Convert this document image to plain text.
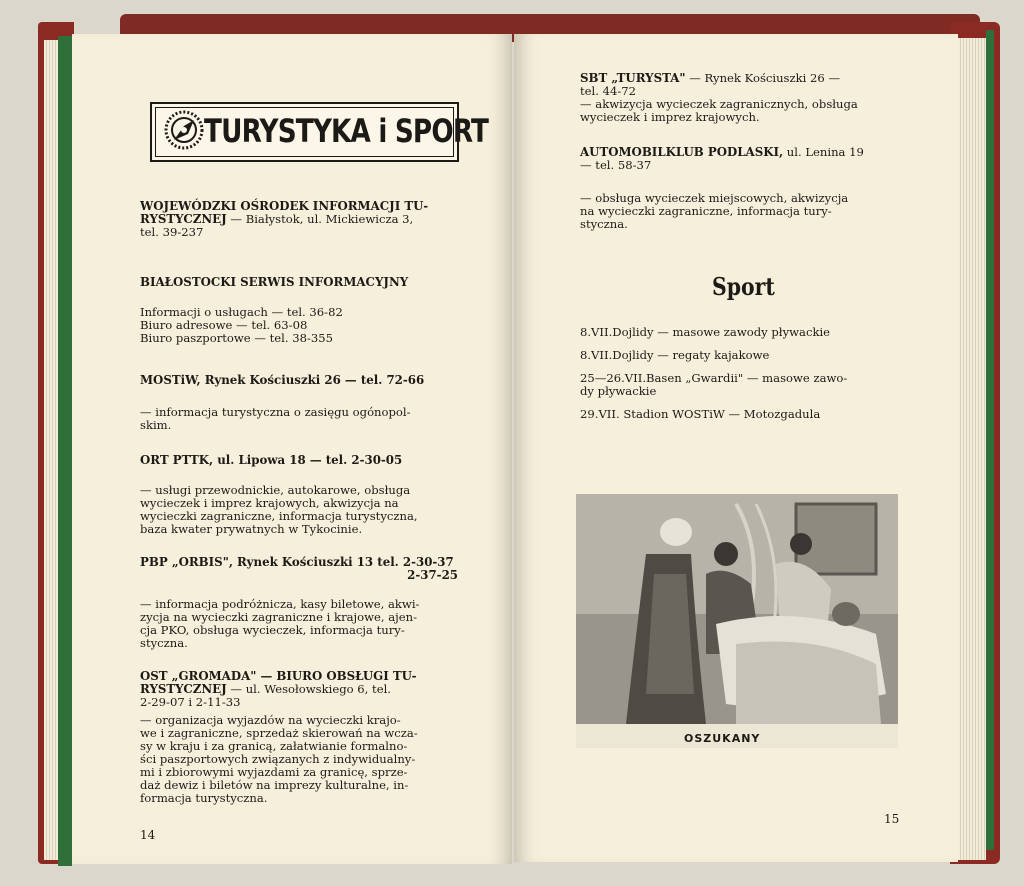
TURYSTYKA i SPORT
WOJEWÓDZKI OŚRODEK INFORMACJI TU-
RYSTYCZNEJ — Białystok, ul. Mickiewicza 3,
tel. 39-237
BIAŁOSTOCKI SERWIS INFORMACYJNY
Informacji o usługach — tel. 36-82
Biuro adresowe — tel. 63-08
Biuro paszportowe — tel. 38-355
MOSTiW, Rynek Kościuszki 26 — tel. 72-66
— informacja turystyczna o zasięgu ogónopol-
skim.
ORT PTTK, ul. Lipowa 18 — tel. 2-30-05
— usługi przewodnickie, autokarowe, obsługa
wycieczek i imprez krajowych, akwizycja na
wycieczki zagraniczne, informacja turystyczna,
baza kwater prywatnych w Tykocinie.
PBP „ORBIS", Rynek Kościuszki 13 tel. 2-30-37
2-37-25
— informacja podróżnicza, kasy biletowe, akwi-
zycja na wycieczki zagraniczne i krajowe, ajen-
cja PKO, obsługa wycieczek, informacja tury-
styczna.
OST „GROMADA" — BIURO OBSŁUGI TU-
RYSTYCZNEJ — ul. Wesołowskiego 6, tel.
2-29-07 i 2-11-33
— organizacja wyjazdów na wycieczki krajo-
we i zagraniczne, sprzedaż skierowań na wcza-
sy w kraju i za granicą, załatwianie formalno-
ści paszportowych związanych z indywidualny-
mi i zbiorowymi wyjazdami za granicę, sprze-
daż dewiz i biletów na imprezy kulturalne, in-
formacja turystyczna.
14
SBT „TURYSTA" — Rynek Kościuszki 26 —
tel. 44-72
— akwizycja wycieczek zagranicznych, obsługa
wycieczek i imprez krajowych.
AUTOMOBILKLUB PODLASKI, ul. Lenina 19
— tel. 58-37
— obsługa wycieczek miejscowych, akwizycja
na wycieczki zagraniczne, informacja tury-
styczna.
Sport
8.VII.Dojlidy — masowe zawody pływackie
8.VII.Dojlidy — regaty kajakowe
25—26.VII.Basen „Gwardii" — masowe zawo-
dy pływackie
29.VII. Stadion WOSTiW — Motozgadula
OSZUKANY
15
